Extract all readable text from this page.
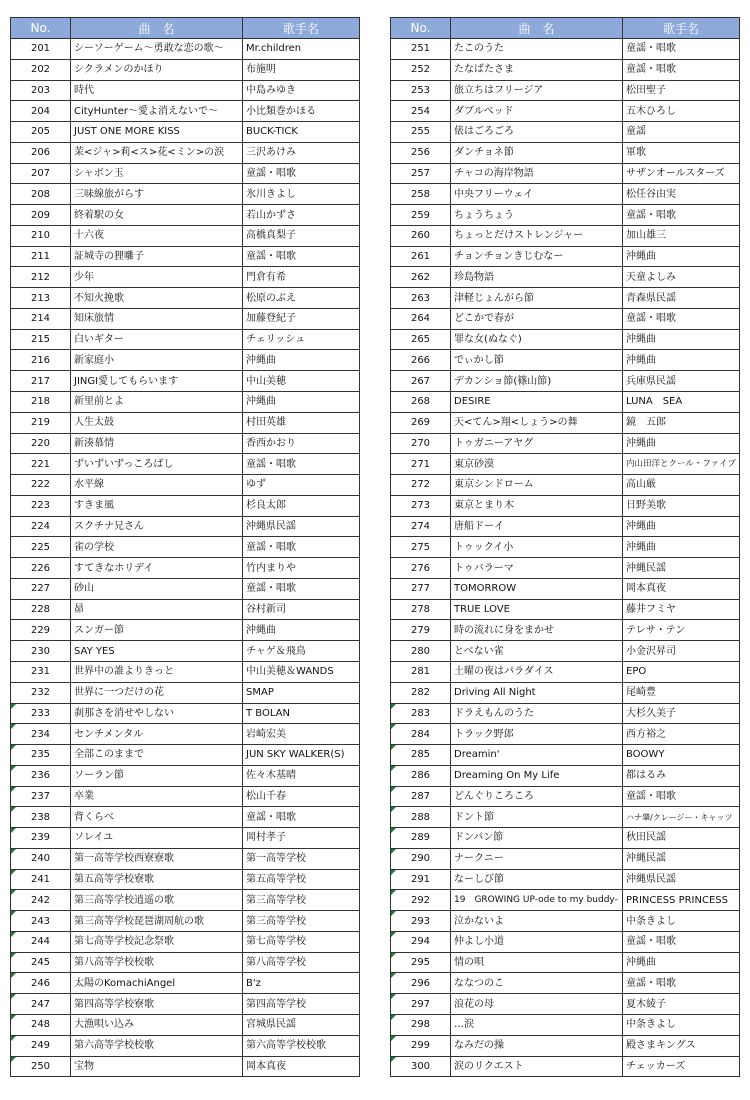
No.	曲　名	歌手名
201	シーソーゲーム～勇敢な恋の歌～	Mr.children
202	シクラメンのかほり	布施明
203	時代	中島みゆき
204	CityHunter～愛よ消えないで～	小比類巻かほる
205	JUST ONE MORE KISS	BUCK-TICK
206	茉<ジャ>莉<ス>花<ミン>の涙	三沢あけみ
207	シャボン玉	童謡・唱歌
208	三味線旅がらす	氷川きよし
209	終着駅の女	若山かずさ
210	十六夜	高橋真梨子
211	証城寺の狸囃子	童謡・唱歌
212	少年	門倉有希
213	不知火挽歌	松原のぶえ
214	知床旅情	加藤登紀子
215	白いギター	チェリッシュ
216	新家庭小	沖縄曲
217	JINGI愛してもらいます	中山美穂
218	新里前とよ	沖縄曲
219	人生太鼓	村田英雄
220	新湊慕情	香西かおり
221	ずいずいずっころばし	童謡・唱歌
222	水平線	ゆず
223	すきま風	杉良太郎
224	スクチナ兄さん	沖縄県民謡
225	雀の学校	童謡・唱歌
226	すてきなホリデイ	竹内まりや
227	砂山	童謡・唱歌
228	昴	谷村新司
229	スンガー節	沖縄曲
230	SAY YES	チャゲ＆飛鳥
231	世界中の誰よりきっと	中山美穂＆WANDS
232	世界に一つだけの花	SMAP
233	刹那さを消せやしない	T BOLAN
234	センチメンタル	岩崎宏美
235	全部このままで	JUN SKY WALKER(S)
236	ソーラン節	佐々木基晴
237	卒業	松山千春
238	背くらべ	童謡・唱歌
239	ソレイユ	岡村孝子
240	第一高等学校西寮寮歌	第一高等学校
241	第五高等学校寮歌	第五高等学校
242	第三高等学校逍遥の歌	第三高等学校
243	第三高等学校琵琶湖周航の歌	第三高等学校
244	第七高等学校記念祭歌	第七高等学校
245	第八高等学校校歌	第八高等学校
246	太陽のKomachiAngel	B'z
247	第四高等学校寮歌	第四高等学校
248	大漁唄い込み	宮城県民謡
249	第六高等学校校歌	第六高等学校校歌
250	宝物	岡本真夜
No.	曲　名	歌手名
251	たこのうた	童謡・唱歌
252	たなばたさま	童謡・唱歌
253	旅立ちはフリージア	松田聖子
254	ダブルベッド	五木ひろし
255	俵はごろごろ	童謡
256	ダンチョネ節	軍歌
257	チャコの海岸物語	サザンオールスターズ
258	中央フリーウェイ	松任谷由実
259	ちょうちょう	童謡・唱歌
260	ちょっとだけストレンジャー	加山雄三
261	チョンチョンきじむなー	沖縄曲
262	珍島物語	天童よしみ
263	津軽じょんがら節	青森県民謡
264	どこかで春が	童謡・唱歌
265	罪な女(ぬなぐ)	沖縄曲
266	でぃかし節	沖縄曲
267	デカンショ節(篠山節)	兵庫県民謡
268	DESIRE	LUNA　SEA
269	天<てん>翔<しょう>の舞	鏡　五郎
270	トゥガニーアヤグ	沖縄曲
271	東京砂漠	内山田洋とクール・ファイブ
272	東京シンドローム	高山厳
273	東京とまり木	日野美歌
274	唐船ドーイ	沖縄曲
275	トゥックイ小	沖縄曲
276	トゥバラーマ	沖縄民謡
277	TOMORROW	岡本真夜
278	TRUE LOVE	藤井フミヤ
279	時の流れに身をまかせ	テレサ・テン
280	とべない雀	小金沢昇司
281	土曜の夜はパラダイス	EPO
282	Driving All Night	尾崎豊
283	ドラえもんのうた	大杉久美子
284	トラック野郎	西方裕之
285	Dreamin'	BOOWY
286	Dreaming On My Life	都はるみ
287	どんぐりころころ	童謡・唱歌
288	ドント節	ハナ肇/クレージー・キャッツ
289	ドンパン節	秋田民謡
290	ナークニー	沖縄民謡
291	なーしび節	沖縄県民謡
292	19　GROWING UP-ode to my buddy-	PRINCESS PRINCESS
293	泣かないよ	中条きよし
294	仲よし小道	童謡・唱歌
295	情の唄	沖縄曲
296	ななつのこ	童謡・唱歌
297	浪花の母	夏木綾子
298	…涙	中条きよし
299	なみだの操	殿さまキングス
300	涙のリクエスト	チェッカーズ
